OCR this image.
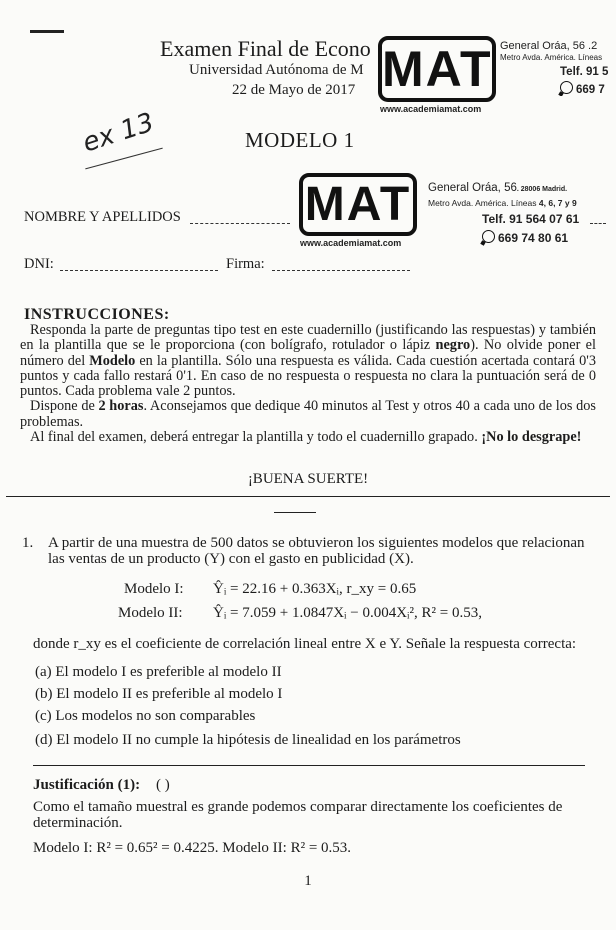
Examen Final de Econo
Universidad Autónoma de M
22 de Mayo de 2017 MAT
www.academiamat.com
General Oráa, 56 .2
Metro Avda. América. Líneas
Telf. 91 5
669 7
ex 13	MODELO 1
MAT
www.academiamat.com
General Oráa, 56. 28006 Madrid.
Metro Avda. América. Líneas 4, 6, 7 y 9
Telf. 91 564 07 61
669 74 80 61
NOMBRE Y APELLIDOS
DNI:	Firma:
INSTRUCCIONES:

Responda la parte de preguntas tipo test en este cuadernillo (justificando las respuestas) y también en la plantilla que se le proporciona (con bolígrafo, rotulador o lápiz negro). No olvide poner el número del Modelo en la plantilla. Sólo una respuesta es válida. Cada cuestión acertada contará 0'3 puntos y cada fallo restará 0'1. En caso de no respuesta o respuesta no clara la puntuación será de 0 puntos. Cada problema vale 2 puntos.

Dispone de 2 horas. Aconsejamos que dedique 40 minutos al Test y otros 40 a cada uno de los dos problemas.

Al final del examen, deberá entregar la plantilla y todo el cuadernillo grapado. ¡No lo desgrape!

¡BUENA SUERTE!
1. A partir de una muestra de 500 datos se obtuvieron los siguientes modelos que relacionan las ventas de un producto (Y) con el gasto en publicidad (X).
Modelo I: Ŷᵢ = 22.16 + 0.363Xᵢ, r_xy = 0.65
Modelo II: Ŷᵢ = 7.059 + 1.0847Xᵢ − 0.004Xᵢ², R² = 0.53,
donde r_xy es el coeficiente de correlación lineal entre X e Y. Señale la respuesta correcta:
(a) El modelo I es preferible al modelo II
(b) El modelo II es preferible al modelo I
(c) Los modelos no son comparables
(d) El modelo II no cumple la hipótesis de linealidad en los parámetros
Justificación (1): ( )
Como el tamaño muestral es grande podemos comparar directamente los coeficientes de determinación.
Modelo I: R² = 0.65² = 0.4225. Modelo II: R² = 0.53.
1
